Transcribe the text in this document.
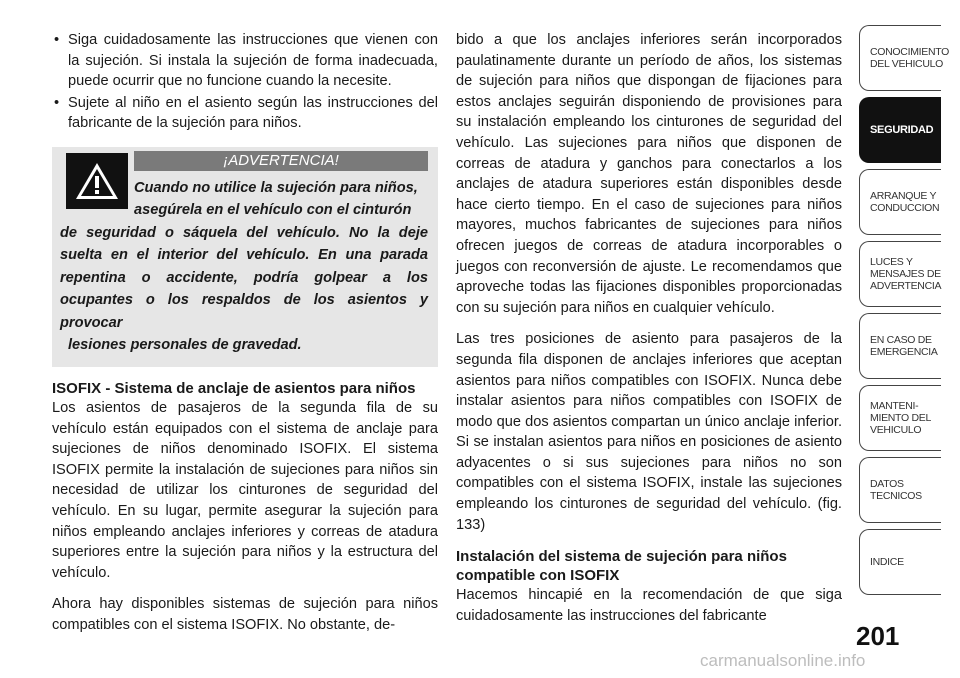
• Siga cuidadosamente las instrucciones que vienen con la sujeción. Si instala la sujeción de forma inadecuada, puede ocurrir que no funcione cuando la necesite.
• Sujete al niño en el asiento según las instrucciones del fabricante de la sujeción para niños.
¡ADVERTENCIA!
Cuando no utilice la sujeción para niños, asegúrela en el vehículo con el cinturón
de seguridad o sáquela del vehículo. No la deje suelta en el interior del vehículo. En una parada repentina o accidente, podría golpear a los ocupantes o los respaldos de los asientos y provocar
lesiones personales de gravedad.
ISOFIX - Sistema de anclaje de asientos para niños

Los asientos de pasajeros de la segunda fila de su vehículo están equipados con el sistema de anclaje para sujeciones de niños denominado ISOFIX. El sistema ISOFIX permite la instalación de sujeciones para niños sin necesidad de utilizar los cinturones de seguridad del vehículo. En su lugar, permite asegurar la sujeción para niños empleando anclajes inferiores y correas de atadura superiores entre la sujeción para niños y la estructura del vehículo.

Ahora hay disponibles sistemas de sujeción para niños compatibles con el sistema ISOFIX. No obstante, de-

bido a que los anclajes inferiores serán incorporados paulatinamente durante un período de años, los sistemas de sujeción para niños que dispongan de fijaciones para estos anclajes seguirán disponiendo de provisiones para su instalación empleando los cinturones de seguridad del vehículo. Las sujeciones para niños que disponen de correas de atadura y ganchos para conectarlos a los anclajes de atadura superiores están disponibles desde hace cierto tiempo. En el caso de sujeciones para niños mayores, muchos fabricantes de sujeciones para niños ofrecen juegos de correas de atadura incorporables o juegos con reconversión de ajuste. Le recomendamos que aproveche todas las fijaciones disponibles proporcionadas con su sujeción para niños en cualquier vehículo.

Las tres posiciones de asiento para pasajeros de la segunda fila disponen de anclajes inferiores que aceptan asientos para niños compatibles con ISOFIX. Nunca debe instalar asientos para niños compatibles con ISOFIX de modo que dos asientos compartan un único anclaje inferior. Si se instalan asientos para niños en posiciones de asiento adyacentes o si sus sujeciones para niños no son compatibles con el sistema ISOFIX, instale las sujeciones empleando los cinturones de seguridad del vehículo. (fig. 133)

Instalación del sistema de sujeción para niños compatible con ISOFIX

Hacemos hincapié en la recomendación de que siga cuidadosamente las instrucciones del fabricante

CONOCIMIENTO
DEL VEHICULO
SEGURIDAD
ARRANQUE Y
CONDUCCION
LUCES Y
MENSAJES DE
ADVERTENCIA
EN CASO DE
EMERGENCIA
MANTENI-
MIENTO DEL
VEHICULO
DATOS
TECNICOS
INDICE
201
carmanualsonline.info
